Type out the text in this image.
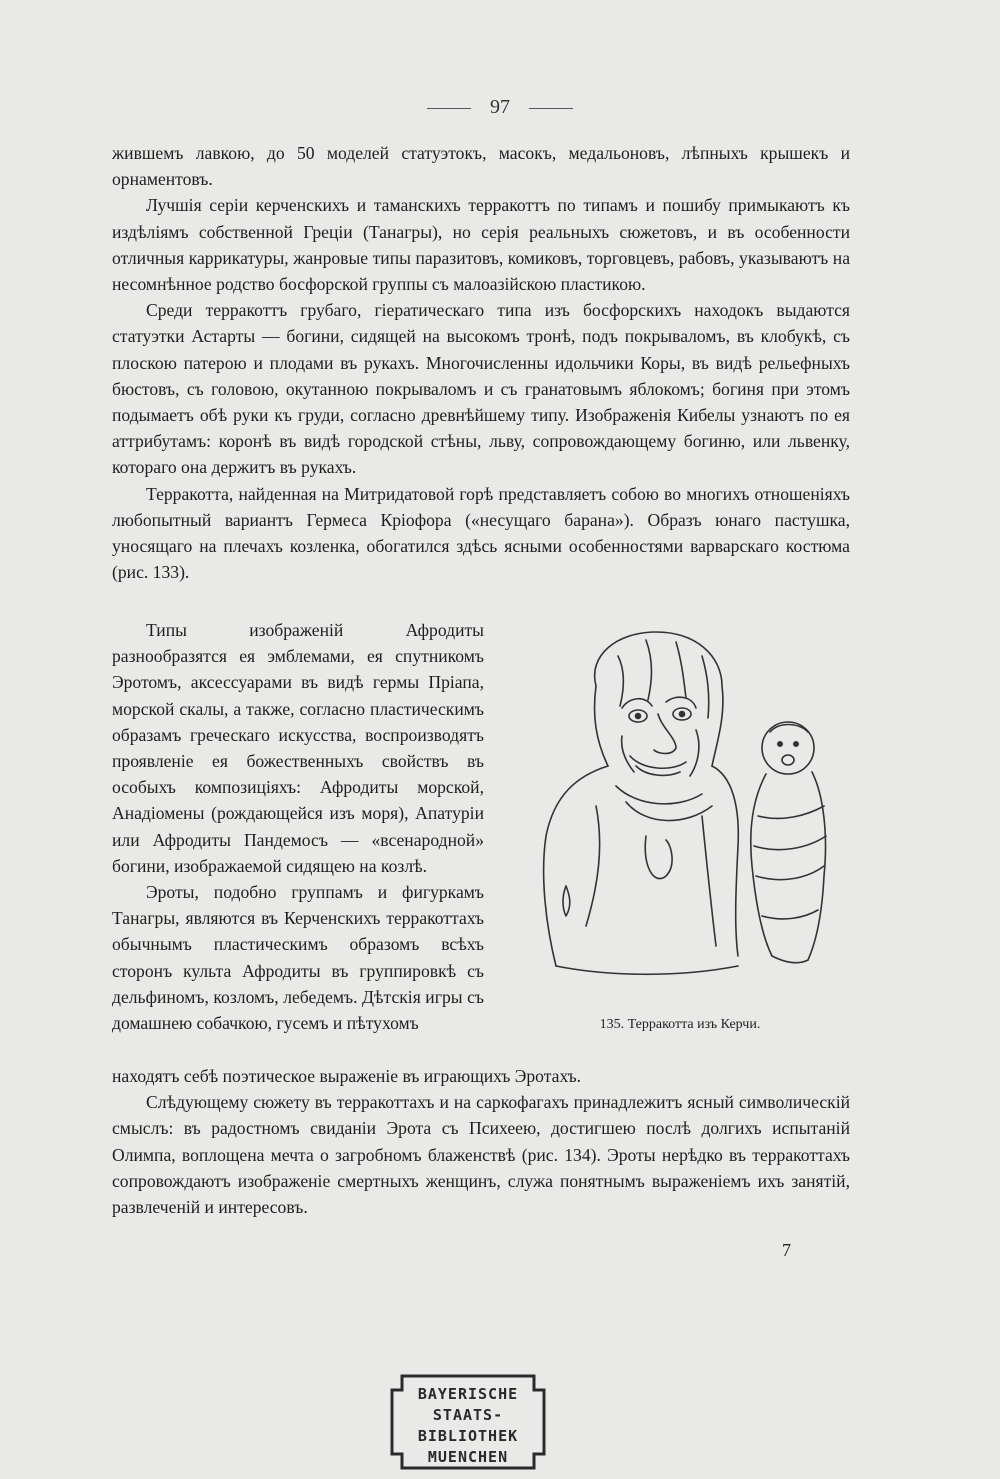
97

жившемъ лавкою, до 50 моделей статуэтокъ, масокъ, медальоновъ, лѣпныхъ крышекъ и орнаментовъ.

Лучшія серіи керченскихъ и таманскихъ терракоттъ по типамъ и пошибу примыкаютъ къ издѣліямъ собственной Греціи (Танагры), но серія реальныхъ сюжетовъ, и въ особенности отличныя каррикатуры, жанровые типы паразитовъ, комиковъ, торговцевъ, рабовъ, указываютъ на несомнѣнное родство босфорской группы съ малоазійскою пластикою.

Среди терракоттъ грубаго, гіератическаго типа изъ босфорскихъ находокъ выдаются статуэтки Астарты — богини, сидящей на высокомъ тронѣ, подъ покрываломъ, въ клобукѣ, съ плоскою патерою и плодами въ рукахъ. Многочисленны идольчики Коры, въ видѣ рельефныхъ бюстовъ, съ головою, окутанною покрываломъ и съ гранатовымъ яблокомъ; богиня при этомъ подымаетъ обѣ руки къ груди, согласно древнѣйшему типу. Изображенія Кибелы узнаютъ по ея аттрибутамъ: коронѣ въ видѣ городской стѣны, льву, сопровождающему богиню, или львенку, котораго она держитъ въ рукахъ.

Терракотта, найденная на Митридатовой горѣ представляетъ собою во многихъ отношеніяхъ любопытный вариантъ Гермеса Кріофора («несущаго барана»). Образъ юнаго пастушка, уносящаго на плечахъ козленка, обогатился здѣсь ясными особенностями варварскаго костюма (рис. 133).

Типы изображеній Афродиты разнообразятся ея эмблемами, ея спутникомъ Эротомъ, аксессуарами въ видѣ гермы Пріапа, морской скалы, а также, согласно пластическимъ образамъ греческаго искусства, воспроизводятъ проявленіе ея божественныхъ свойствъ въ особыхъ композиціяхъ: Афродиты морской, Анадіомены (рождающейся изъ моря), Апатуріи или Афродиты Пандемосъ — «всенародной» богини, изображаемой сидящею на козлѣ.

Эроты, подобно группамъ и фигуркамъ Танагры, являются въ Керченскихъ терракоттахъ обычнымъ пластическимъ образомъ всѣхъ сторонъ культа Афродиты въ группировкѣ съ дельфиномъ, козломъ, лебедемъ. Дѣтскія игры съ домашнею собачкою, гусемъ и пѣтухомъ	135. Терракотта изъ Керчи.

находятъ себѣ поэтическое выраженіе въ играющихъ Эротахъ.

Слѣдующему сюжету въ терракоттахъ и на саркофагахъ принадлежитъ ясный символическій смыслъ: въ радостномъ свиданіи Эрота съ Психеею, достигшею послѣ долгихъ испытаній Олимпа, воплощена мечта о загробномъ блаженствѣ (рис. 134). Эроты нерѣдко въ терракоттахъ сопровождаютъ изображеніе смертныхъ женщинъ, служа понятнымъ выраженіемъ ихъ занятій, развлеченій и интересовъ.

7
BAYERISCHE
STAATS-
BIBLIOTHEK
MUENCHEN
